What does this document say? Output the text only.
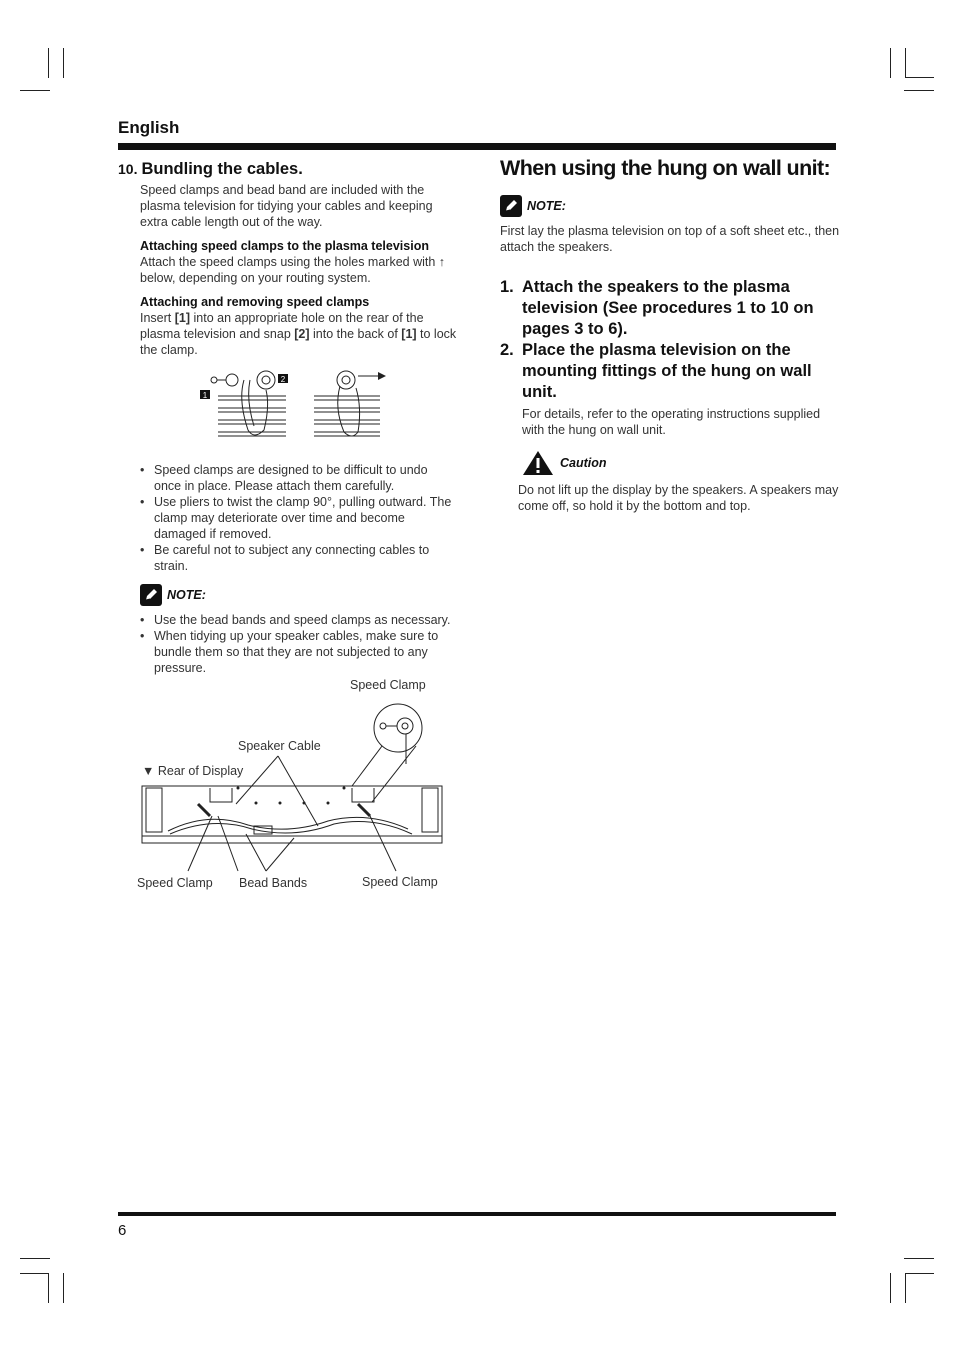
English

10. Bundling the cables.

Speed clamps and bead band are included with the plasma television for tidying your cables and keeping extra cable length out of the way.

Attaching speed clamps to the plasma television

Attach the speed clamps using the holes marked with ↑ below, depending on your routing system.

Attaching and removing speed clamps

Insert [1] into an appropriate hole on the rear of the plasma television and snap [2] into the back of [1] to lock the clamp.

1
2
• Speed clamps are designed to be difficult to undo once in place. Please attach them carefully.
• Use pliers to twist the clamp 90°, pulling outward. The clamp may deteriorate over time and become damaged if removed.
• Be careful not to subject any connecting cables to strain.
NOTE:
• Use the bead bands and speed clamps as necessary.
• When tidying up your speaker cables, make sure to bundle them so that they are not subjected to any pressure.
Speed Clamp
Speaker Cable
▼ Rear of Display
Speed Clamp Bead Bands	Speed Clamp
When using the hung on wall unit:
NOTE:

First lay the plasma television on top of a soft sheet etc., then attach the speakers.

1. Attach the speakers to the plasma television (See procedures 1 to 10 on pages 3 to 6).
2. Place the plasma television on the mounting fittings of the hung on wall unit.

For details, refer to the operating instructions supplied with the hung on wall unit.

Caution

Do not lift up the display by the speakers. A speakers may come off, so hold it by the bottom and top.

6
